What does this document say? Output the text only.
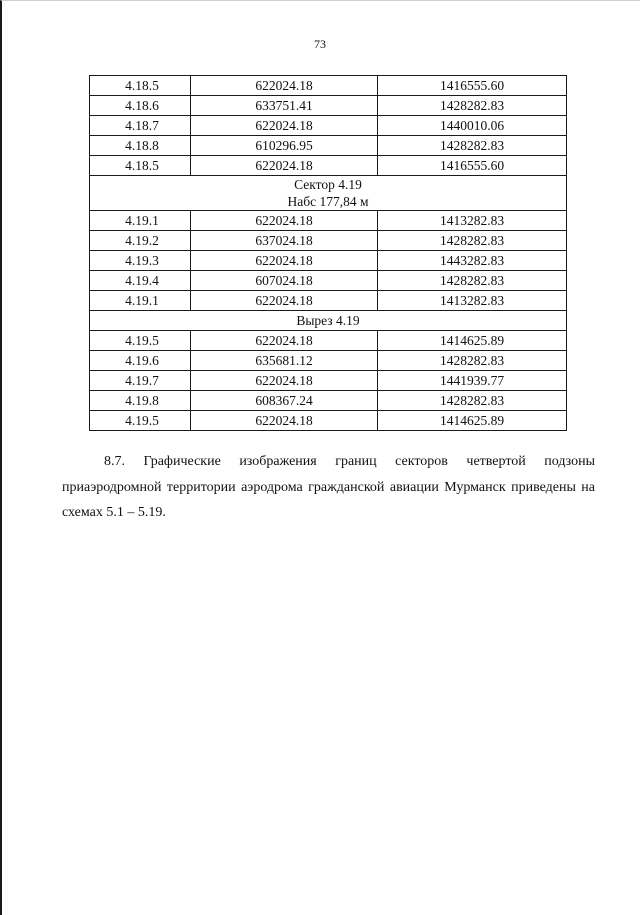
73
4.18.5	622024.18	1416555.60
4.18.6	633751.41	1428282.83
4.18.7	622024.18	1440010.06
4.18.8	610296.95	1428282.83
4.18.5	622024.18	1416555.60

Сектор 4.19
Набс 177,84 м		

4.19.1	622024.18	1413282.83
4.19.2	637024.18	1428282.83
4.19.3	622024.18	1443282.83
4.19.4	607024.18	1428282.83
4.19.1	622024.18	1413282.83

Вырез 4.19		

4.19.5	622024.18	1414625.89
4.19.6	635681.12	1428282.83
4.19.7	622024.18	1441939.77
4.19.8	608367.24	1428282.83
4.19.5	622024.18	1414625.89
8.7. Графические изображения границ секторов четвертой подзоны
приаэродромной территории аэродрома гражданской авиации Мурманск приведены на
схемах 5.1 – 5.19.
